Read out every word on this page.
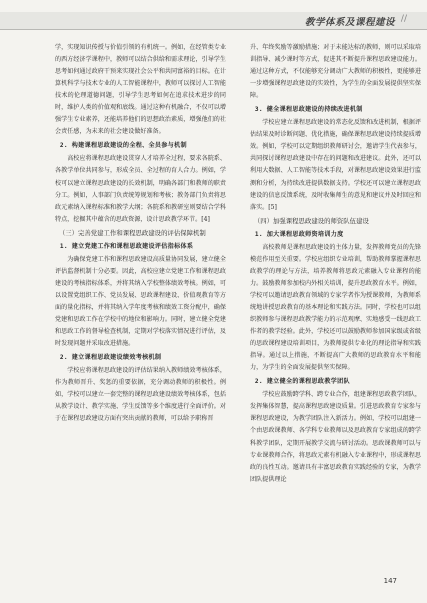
教学体系及课程建设 //
学，实现知识传授与价值引领的有机统一。例如，在经管类专业的西方经济学课程中，教师可以结合供给和需求理论，引导学生思考如何通过政府干预来实现社会公平和共同富裕的目标。在计算机科学与技术专业的人工智能课程中，教师可以探讨人工智能技术的伦理道德问题，引导学生思考如何在追求技术进步的同时，维护人类的价值观和底线。通过这种有机融合，不仅可以增强学生专业素养，还能培养他们的思想政治素质，增强他们的社会责任感，为未来的社会建设做好准备。
2. 构建课程思政建设的全程、全员参与机制
高校应将课程思政建设贯穿人才培养全过程，要求各院系、各教学单位共同参与，形成全员、全过程的育人合力。例如，学校可以建立课程思政建设的长效机制，明确各部门和教师的职责分工。例如，人事部门负责统筹规划和考核；教务部门负责将思政元素纳入课程标准和教学大纲；各院系和教研室则要结合学科特点，挖掘其中蕴含的思政资源，设计思政教学环节。[4]
（三）完善党建工作和课程思政建设的评估保障机制
1. 建立党建工作和课程思政建设评估指标体系
为确保党建工作和课程思政建设高质量协同发展，建立健全评估监督机制十分必要。因此，高校应建立党建工作和课程思政建设的考核指标体系，并将其纳入学校整体绩效考核。例如，可以设置党组织工作、党员发展、思政课程建设、价值观教育等方面的量化指标，并将其纳入学年度考核和绩效工资分配中，确保党建和思政工作在学校中的地位和影响力。同时，建立健全党建和思政工作的督导检查机制，定期对学校落实情况进行评估，及时发现问题并采取改进措施。
2. 建立课程思政建设绩效考核机制
学校应将课程思政建设的评估结果纳入教师绩效考核体系，作为教师晋升、奖惩的重要依据，充分调动教师的积极性。例如，学校可以建立一套完整的课程思政建设绩效考核体系，包括从教学设计、教学实施、学生反馈等多个维度进行全面评价。对于在课程思政建设方面有突出贡献的教师，可以给予职称晋
升、年终奖励等激励措施；对于未能达标的教师，则可以采取培训指导、减少课时等方式，促进其不断提升课程思政建设能力。通过这种方式，不仅能够充分调动广大教师的积极性，更能够进一步增强课程思政建设的实效性，为学生的全面发展提供坚实保障。
3. 健全课程思政建设的持续改进机制
学校应建立课程思政建设的常态化反馈和改进机制，根据评估结果及时诊断问题、优化措施，确保课程思政建设持续提质增效。例如，学校可以定期组织教师研讨会，邀请学生代表参与，共同探讨课程思政建设中存在的问题和改进建议。此外，还可以利用大数据、人工智能等技术手段，对课程思政建设效果进行监测和分析，为持续改进提供数据支持。学校还可以建立课程思政建设的信息反馈系统，及时收集师生的意见和建议并及时回应和落实。[5]
（四）加强课程思政建设的师资队伍建设
1. 加大课程思政师资培训力度
高校教师是课程思政建设的主体力量，发挥教师党员的先锋模范作用至关重要。学校应组织专业培训，帮助教师掌握课程思政教学的理论与方法，培养教师将思政元素融入专业课程的能力。鼓励教师参加校内外相关培训，提升思政教育水平。例如，学校可以邀请思政教育领域的专家学者作为授课教师，为教师系统地讲授思政教育的基本理论和实践方法。同时，学校也可以组织教师参与课程思政教学能力的示范观摩、实地感受一线思政工作者的教学经验。此外，学校还可以鼓励教师参加国家级或省级的思政课程建设培训项目，为教师提供专业化的理论指导和实践指导。通过以上措施，不断提高广大教师的思政教育水平和能力，为学生的全面发展提供坚实保障。
2. 建立健全的课程思政教学团队
学校应鼓励跨学科、跨专业合作，组建课程思政教学团队，发挥集体智慧，提高课程思政建设质量。引进思政教育专家参与课程思政建设，为教学团队注入新活力。例如，学校可以组建一个由思政课教师、各学科专业教师以及思政教育专家组成的跨学科教学团队，定期开展教学交流与研讨活动。思政课教师可以与专业课教师合作，将思政元素有机融入专业课程中，形成课程思政的良性互动。邀请具有丰富思政教育实践经验的专家，为教学团队提供理论
147
